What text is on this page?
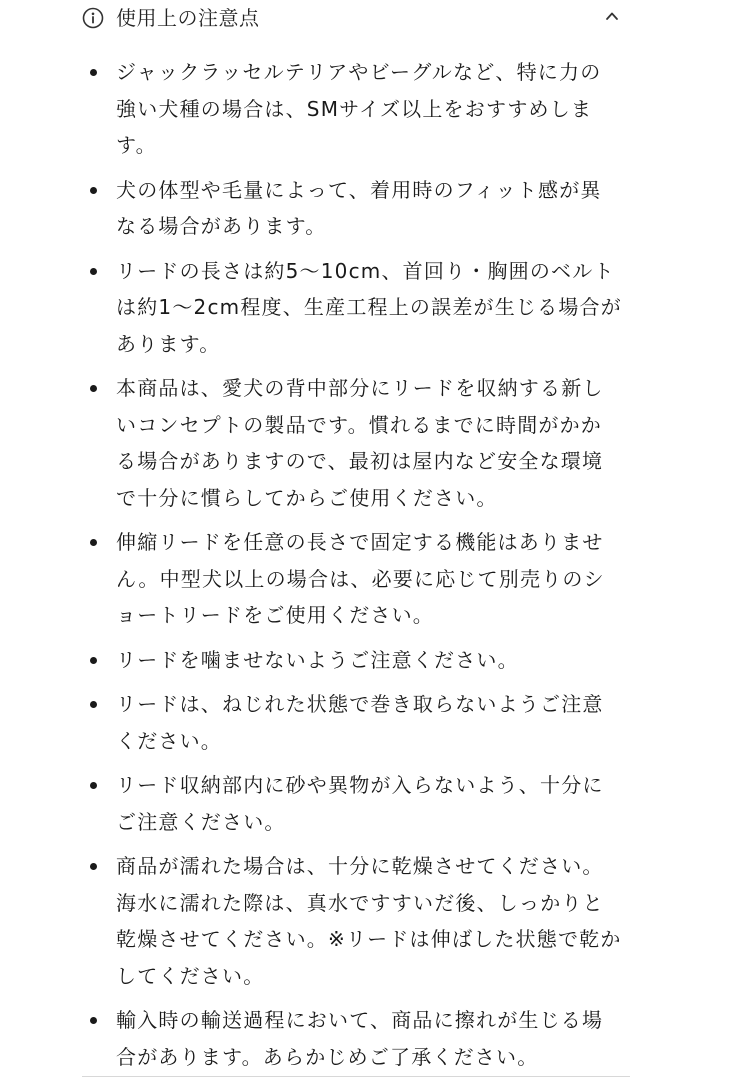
使用上の注意点
ジャックラッセルテリアやビーグルなど、特に力の強い犬種の場合は、SMサイズ以上をおすすめします。
犬の体型や毛量によって、着用時のフィット感が異なる場合があります。
リードの長さは約5〜10cm、首回り・胸囲のベルトは約1〜2cm程度、生産工程上の誤差が生じる場合があります。
本商品は、愛犬の背中部分にリードを収納する新しいコンセプトの製品です。慣れるまでに時間がかかる場合がありますので、最初は屋内など安全な環境で十分に慣らしてからご使用ください。
伸縮リードを任意の長さで固定する機能はありません。中型犬以上の場合は、必要に応じて別売りのショートリードをご使用ください。
リードを噛ませないようご注意ください。
リードは、ねじれた状態で巻き取らないようご注意ください。
リード収納部内に砂や異物が入らないよう、十分にご注意ください。
商品が濡れた場合は、十分に乾燥させてください。海水に濡れた際は、真水ですすいだ後、しっかりと乾燥させてください。※リードは伸ばした状態で乾かしてください。
輸入時の輸送過程において、商品に擦れが生じる場合があります。あらかじめご了承ください。
